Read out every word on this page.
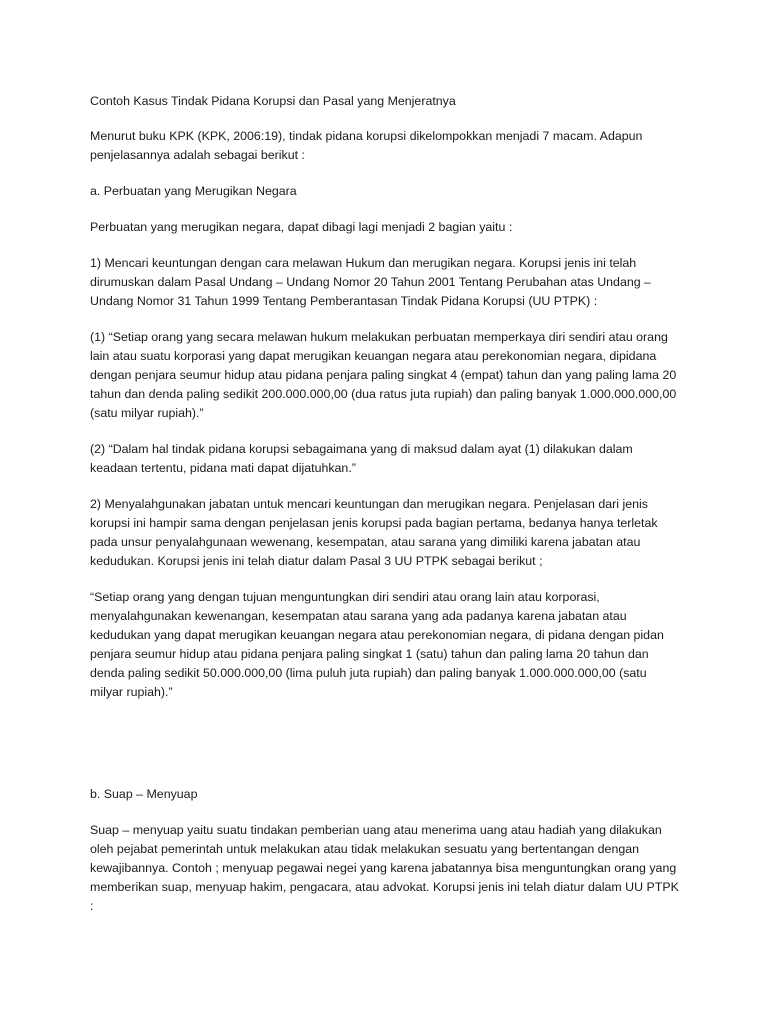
Contoh Kasus Tindak Pidana Korupsi dan Pasal yang Menjeratnya

Menurut buku KPK (KPK, 2006:19), tindak pidana korupsi dikelompokkan menjadi 7 macam. Adapun penjelasannya adalah sebagai berikut :

a. Perbuatan yang Merugikan Negara

Perbuatan yang merugikan negara, dapat dibagi lagi menjadi 2 bagian yaitu :

1) Mencari keuntungan dengan cara melawan Hukum dan merugikan negara. Korupsi jenis ini telah dirumuskan dalam Pasal Undang – Undang Nomor 20 Tahun 2001 Tentang Perubahan atas Undang – Undang Nomor 31 Tahun 1999 Tentang Pemberantasan Tindak Pidana Korupsi (UU PTPK) :

(1) “Setiap orang yang secara melawan hukum melakukan perbuatan memperkaya diri sendiri atau orang lain atau suatu korporasi yang dapat merugikan keuangan negara atau perekonomian negara, dipidana dengan penjara seumur hidup atau pidana penjara paling singkat 4 (empat) tahun dan yang paling lama 20 tahun dan denda paling sedikit 200.000.000,00 (dua ratus juta rupiah) dan paling banyak 1.000.000.000,00 (satu milyar rupiah).”

(2) “Dalam hal tindak pidana korupsi sebagaimana yang di maksud dalam ayat (1) dilakukan dalam keadaan tertentu, pidana mati dapat dijatuhkan.”

2) Menyalahgunakan jabatan untuk mencari keuntungan dan merugikan negara. Penjelasan dari jenis korupsi ini hampir sama dengan penjelasan jenis korupsi pada bagian pertama, bedanya hanya terletak pada unsur penyalahgunaan wewenang, kesempatan, atau sarana yang dimiliki karena jabatan atau kedudukan. Korupsi jenis ini telah diatur dalam Pasal 3 UU PTPK sebagai berikut ;

“Setiap orang yang dengan tujuan menguntungkan diri sendiri atau orang lain atau korporasi, menyalahgunakan kewenangan, kesempatan atau sarana yang ada padanya karena jabatan atau kedudukan yang dapat merugikan keuangan negara atau perekonomian negara, di pidana dengan pidan penjara seumur hidup atau pidana penjara paling singkat 1 (satu) tahun dan paling lama 20 tahun dan denda paling sedikit 50.000.000,00 (lima puluh juta rupiah) dan paling banyak 1.000.000.000,00 (satu milyar rupiah).”

b. Suap – Menyuap

Suap – menyuap yaitu suatu tindakan pemberian uang atau menerima uang atau hadiah yang dilakukan oleh pejabat pemerintah untuk melakukan atau tidak melakukan sesuatu yang bertentangan dengan kewajibannya. Contoh ; menyuap pegawai negei yang karena jabatannya bisa menguntungkan orang yang memberikan suap, menyuap hakim, pengacara, atau advokat. Korupsi jenis ini telah diatur dalam UU PTPK :
